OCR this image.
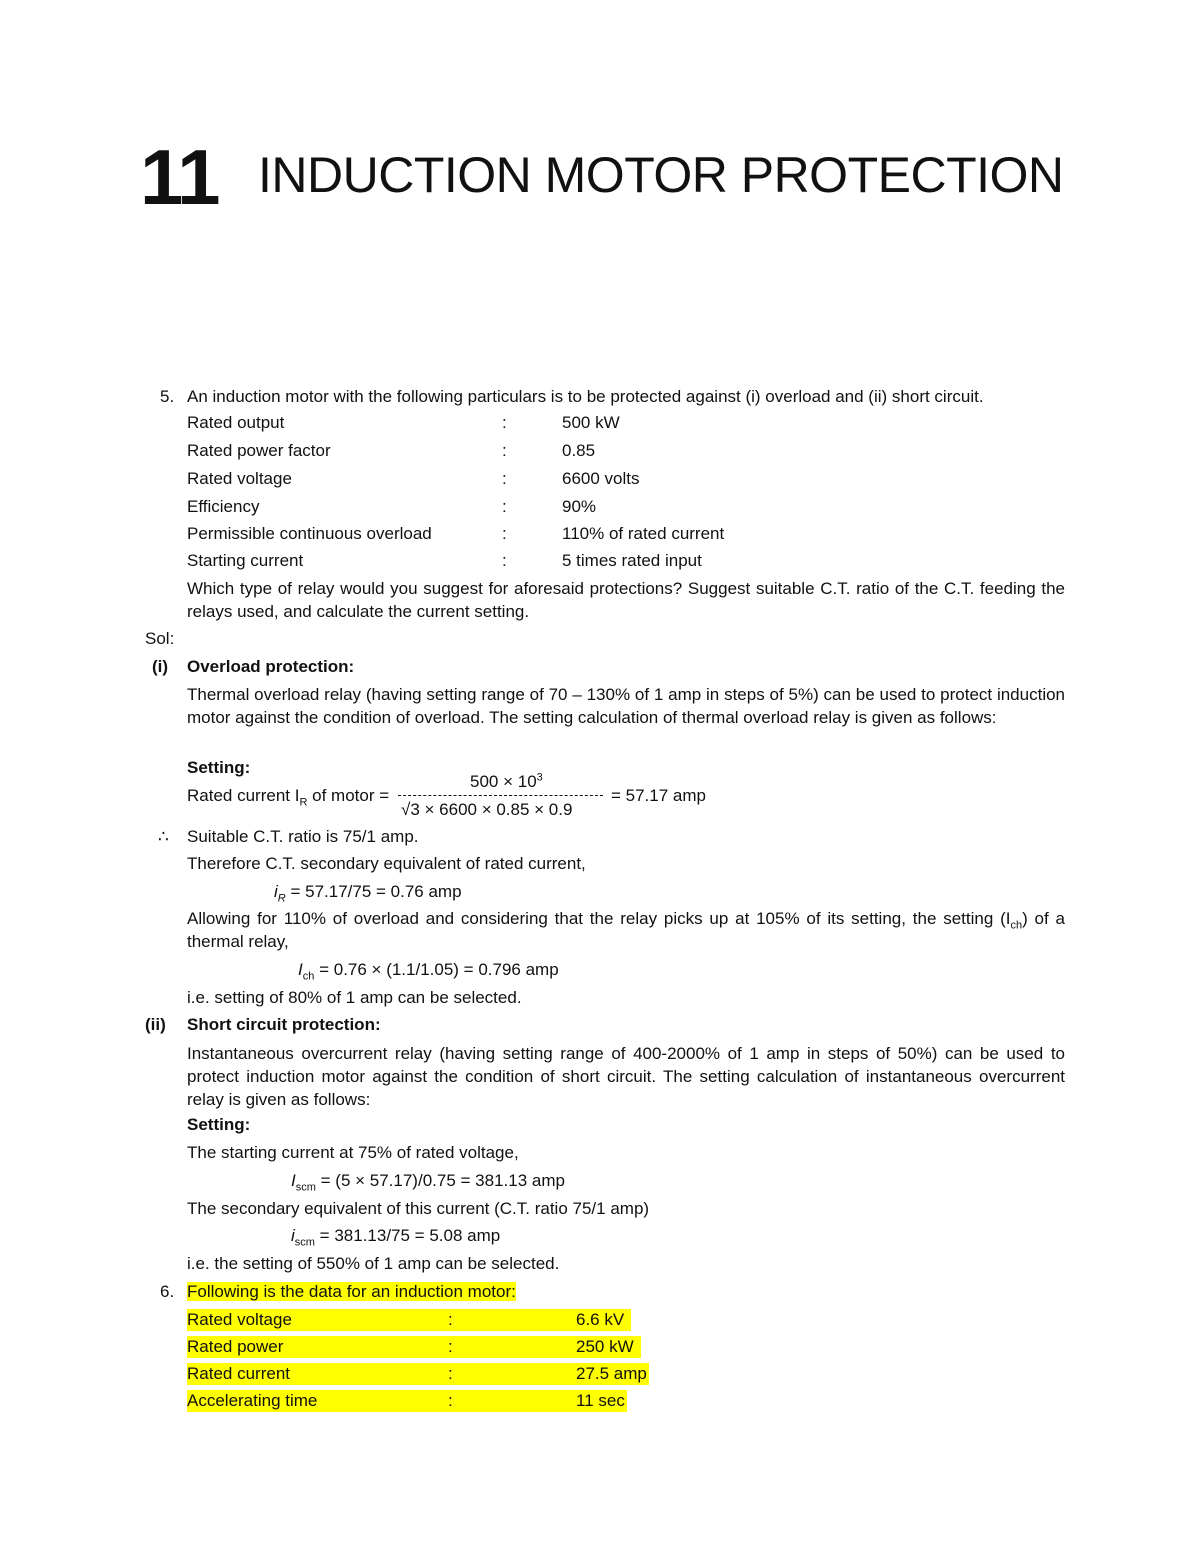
11 INDUCTION MOTOR PROTECTION
5. An induction motor with the following particulars is to be protected against (i) overload and (ii) short circuit.
Rated output	:	500 kW
Rated power factor	:	0.85
Rated voltage	:	6600 volts
Efficiency	:	90%
Permissible continuous overload	:	110% of rated current
Starting current	:	5 times rated input
Which type of relay would you suggest for aforesaid protections? Suggest suitable C.T. ratio of the C.T. feeding the relays used, and calculate the current setting.
Sol:
(i) Overload protection:
Thermal overload relay (having setting range of 70 – 130% of 1 amp in steps of 5%) can be used to protect induction motor against the condition of overload. The setting calculation of thermal overload relay is given as follows:
Setting:
Rated current $I_R$ of motor =
$500 \times 10^3$
√3 × 6600 × 0.85 × 0.9
= 57.17 amp
∴ Suitable C.T. ratio is 75/1 amp.
Therefore C.T. secondary equivalent of rated current,
$i_R = 57.17/75 = 0.76$ amp
Allowing for 110% of overload and considering that the relay picks up at 105% of its setting, the setting $(I_{ch})$ of a thermal relay,
$I_{ch} = 0.76 \times (1.1/1.05) = 0.796$ amp
i.e. setting of 80% of 1 amp can be selected.
(ii) Short circuit protection:
Instantaneous overcurrent relay (having setting range of 400-2000% of 1 amp in steps of 50%) can be used to protect induction motor against the condition of short circuit. The setting calculation of instantaneous overcurrent relay is given as follows:
Setting:
The starting current at 75% of rated voltage,
$I_{scm} = (5 \times 57.17)/0.75 = 381.13$ amp
The secondary equivalent of this current (C.T. ratio 75/1 amp)
$i_{scm} = 381.13/75 = 5.08$ amp
i.e. the setting of 550% of 1 amp can be selected.
6. Following is the data for an induction motor:
Rated voltage	:	6.6 kV

Rated power	:	250 kW

Rated current	:	27.5 amp

Accelerating time	:	11 sec
